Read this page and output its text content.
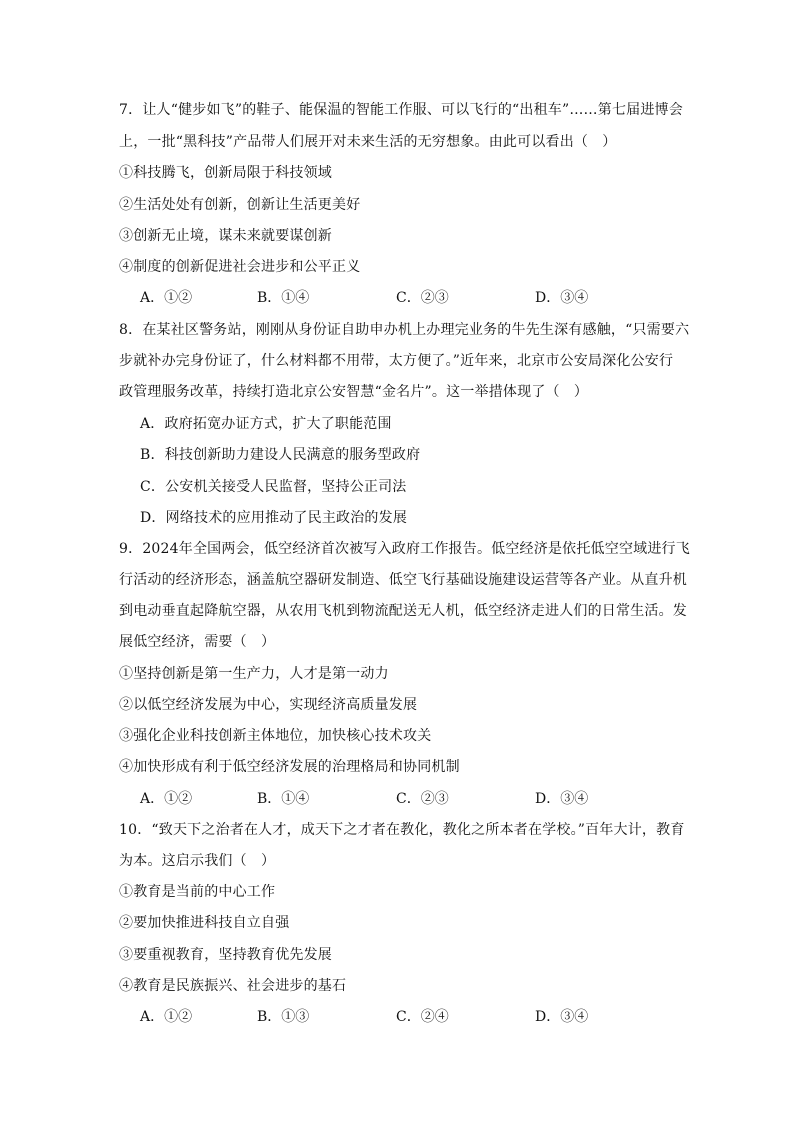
7．让人“健步如飞”的鞋子、能保温的智能工作服、可以飞行的“出租车”……第七届进博会
上，一批“黑科技”产品带人们展开对未来生活的无穷想象。由此可以看出（　）
①科技腾飞，创新局限于科技领域
②生活处处有创新，创新让生活更美好
③创新无止境，谋未来就要谋创新
④制度的创新促进社会进步和公平正义
A．①②	B．①④	C．②③	D．③④
8．在某社区警务站，刚刚从身份证自助申办机上办理完业务的牛先生深有感触，“只需要六
步就补办完身份证了，什么材料都不用带，太方便了。”近年来，北京市公安局深化公安行
政管理服务改革，持续打造北京公安智慧“金名片”。这一举措体现了（　）
A．政府拓宽办证方式，扩大了职能范围
B．科技创新助力建设人民满意的服务型政府
C．公安机关接受人民监督，坚持公正司法
D．网络技术的应用推动了民主政治的发展
9．2024年全国两会，低空经济首次被写入政府工作报告。低空经济是依托低空空域进行飞
行活动的经济形态，涵盖航空器研发制造、低空飞行基础设施建设运营等各产业。从直升机
到电动垂直起降航空器，从农用飞机到物流配送无人机，低空经济走进人们的日常生活。发
展低空经济，需要（　）
①坚持创新是第一生产力，人才是第一动力
②以低空经济发展为中心，实现经济高质量发展
③强化企业科技创新主体地位，加快核心技术攻关
④加快形成有利于低空经济发展的治理格局和协同机制
A．①②	B．①④	C．②③	D．③④
10．“致天下之治者在人才，成天下之才者在教化，教化之所本者在学校。”百年大计，教育
为本。这启示我们（　）
①教育是当前的中心工作
②要加快推进科技自立自强
③要重视教育，坚持教育优先发展
④教育是民族振兴、社会进步的基石
A．①②	B．①③	C．②④	D．③④
